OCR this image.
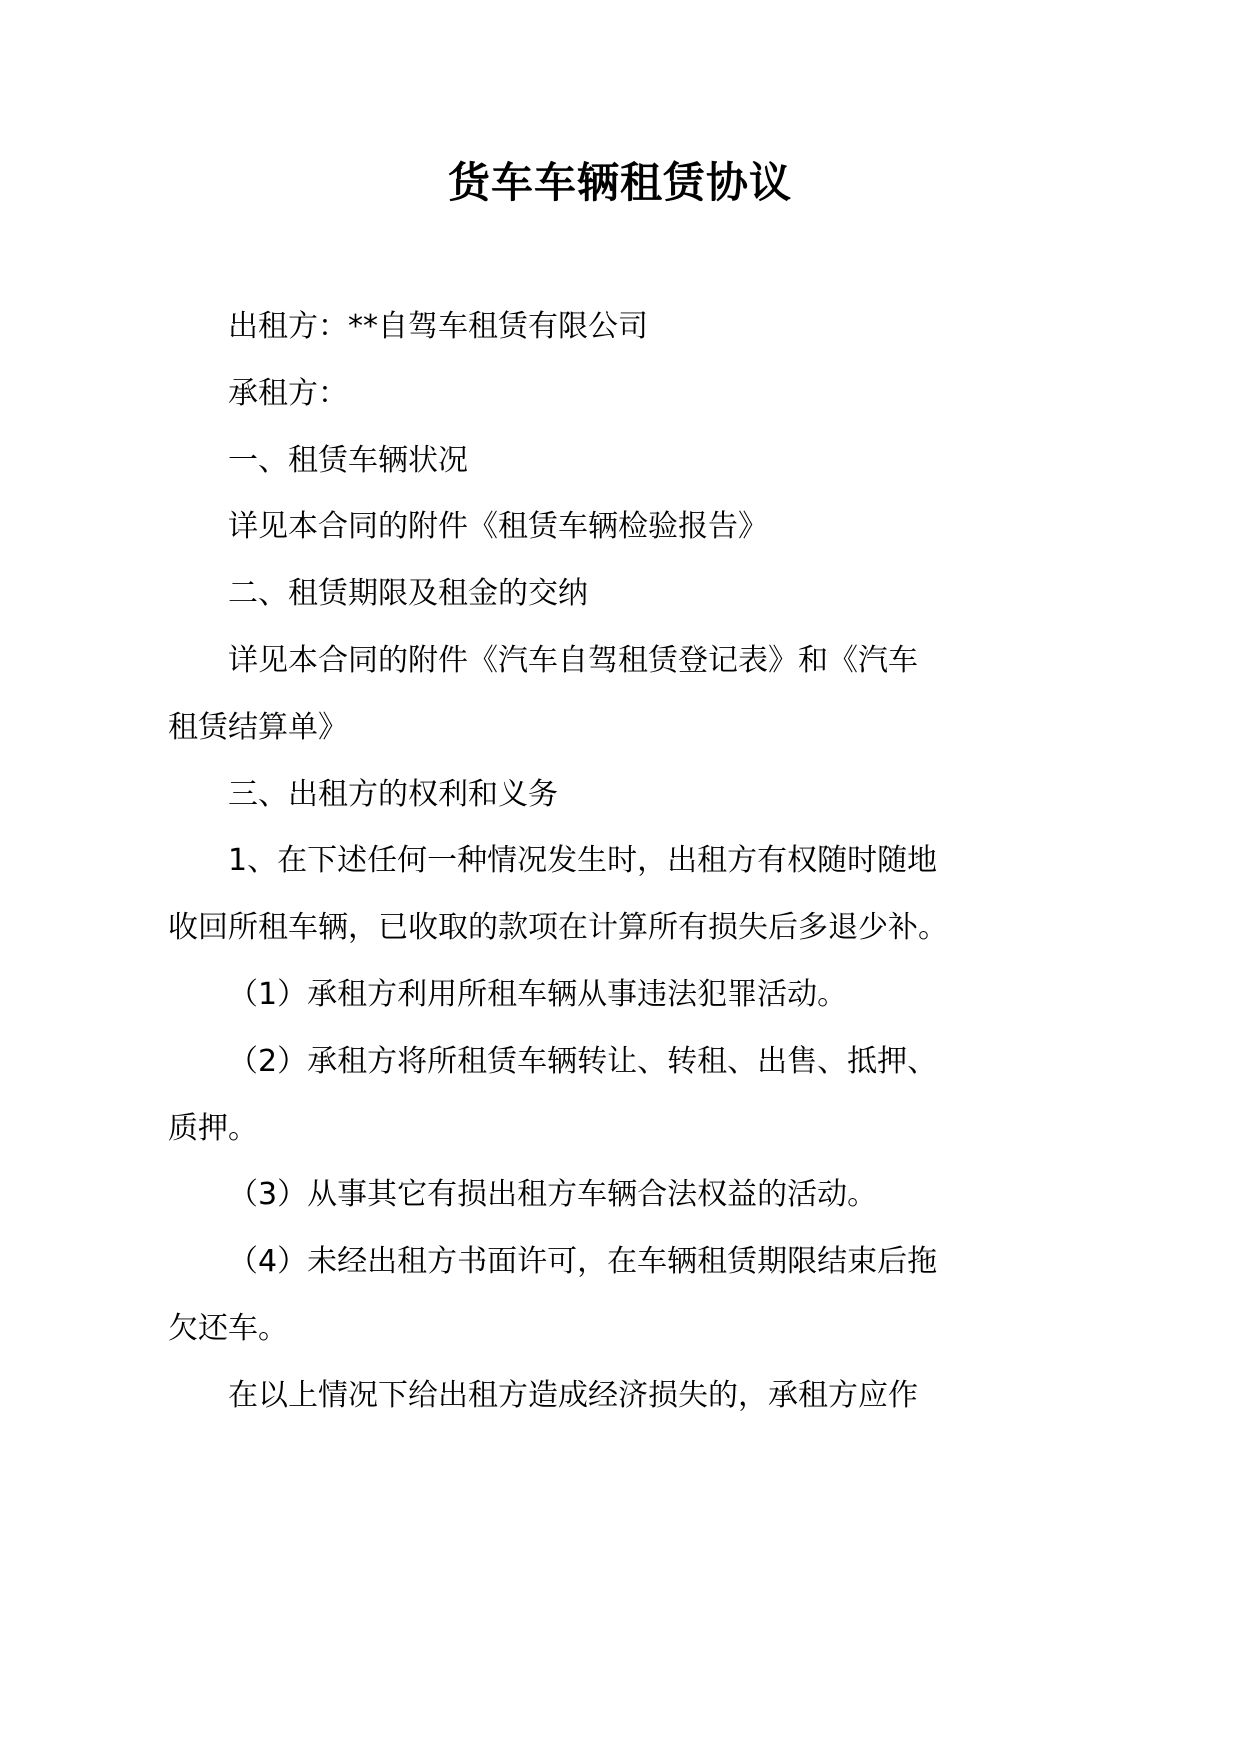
货车车辆租赁协议
出租方：**自驾车租赁有限公司
承租方：
一、租赁车辆状况
详见本合同的附件《租赁车辆检验报告》
二、租赁期限及租金的交纳
详见本合同的附件《汽车自驾租赁登记表》和《汽车
租赁结算单》
三、出租方的权利和义务
1、在下述任何一种情况发生时，出租方有权随时随地
收回所租车辆，已收取的款项在计算所有损失后多退少补。
（1）承租方利用所租车辆从事违法犯罪活动。
（2）承租方将所租赁车辆转让、转租、出售、抵押、
质押。
（3）从事其它有损出租方车辆合法权益的活动。
（4）未经出租方书面许可，在车辆租赁期限结束后拖
欠还车。
在以上情况下给出租方造成经济损失的，承租方应作
